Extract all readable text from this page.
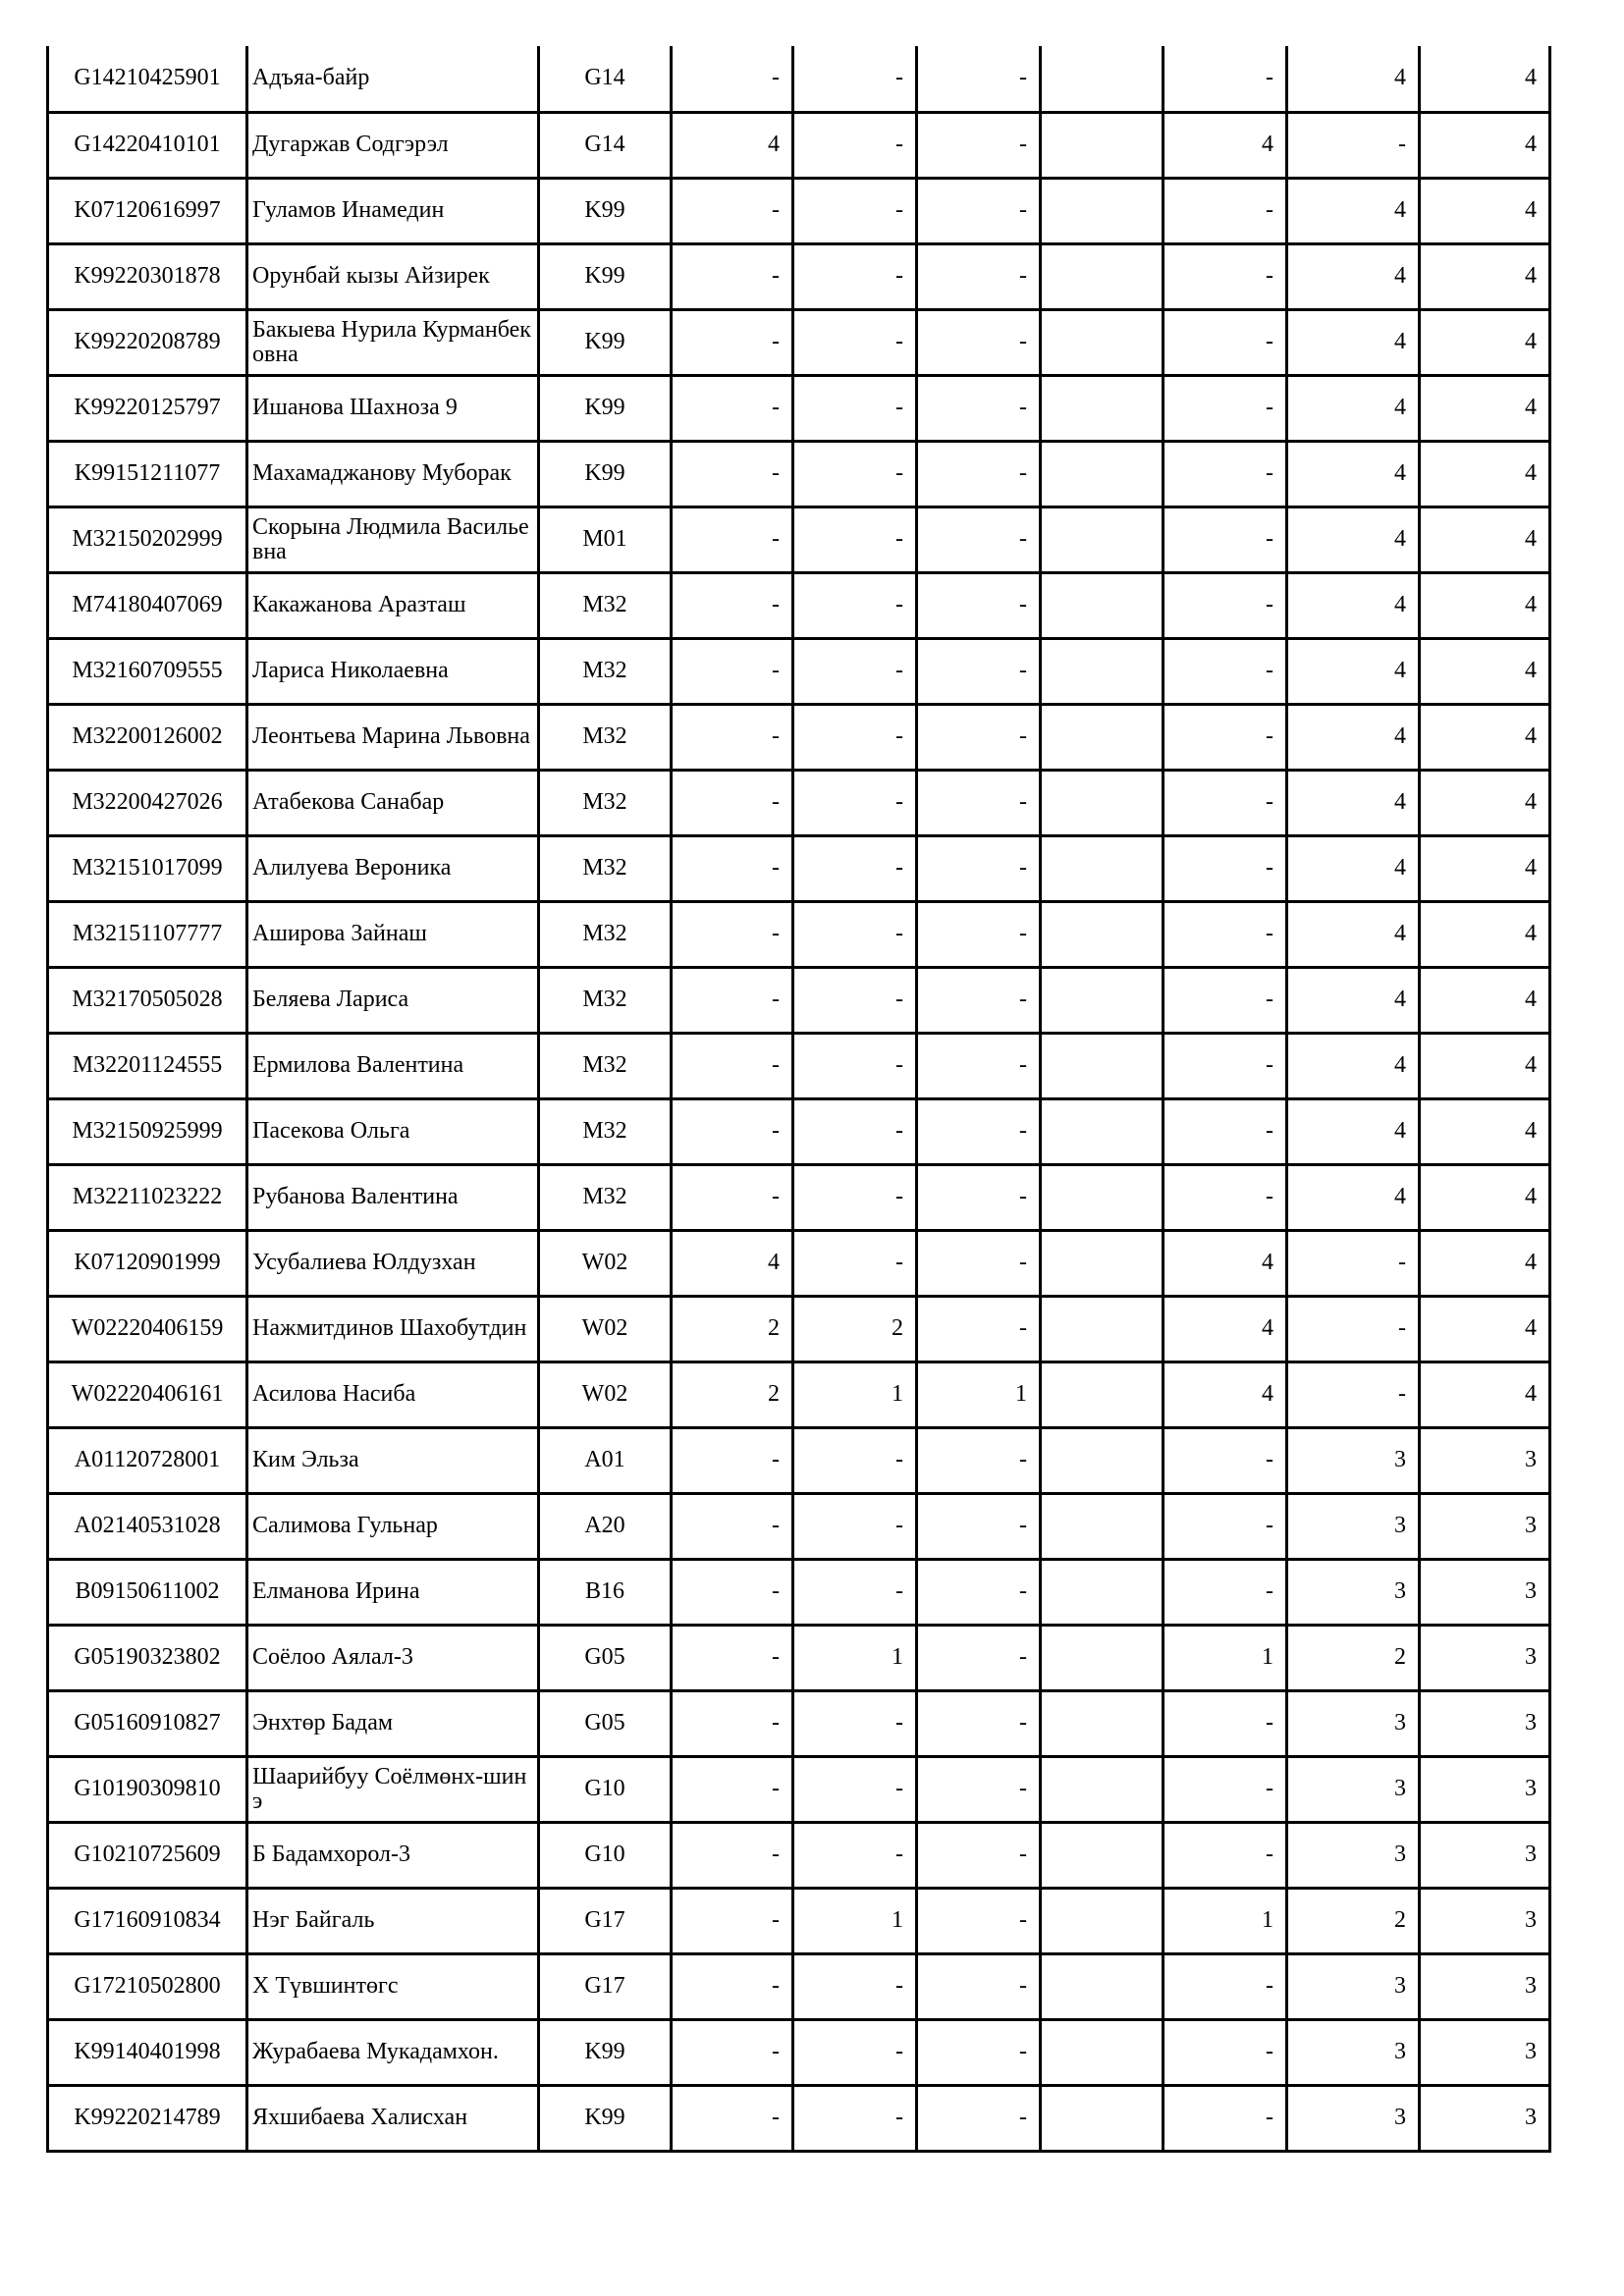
G14210425901	Адъяа-байр	G14	-	-	-		-	4	4
G14220410101	Дугаржав Содгэрэл	G14	4	-	-		4	-	4
K07120616997	Гуламов Инамедин	K99	-	-	-		-	4	4
K99220301878	Орунбай кызы Айзирек	K99	-	-	-		-	4	4
K99220208789	Бакыева Нурила Курманбековна	K99	-	-	-		-	4	4
K99220125797	Ишанова Шахноза 9	K99	-	-	-		-	4	4
K99151211077	Махамаджанову Муборак	K99	-	-	-		-	4	4
M32150202999	Скорына Людмила Васильевна	M01	-	-	-		-	4	4
M74180407069	Какажанова Аразташ	M32	-	-	-		-	4	4
M32160709555	Лариса Николаевна	M32	-	-	-		-	4	4
M32200126002	Леонтьева Марина Львовна	M32	-	-	-		-	4	4
M32200427026	Атабекова Санабар	M32	-	-	-		-	4	4
M32151017099	Алилуева Вероника	M32	-	-	-		-	4	4
M32151107777	Аширова Зайнаш	M32	-	-	-		-	4	4
M32170505028	Беляева Лариса	M32	-	-	-		-	4	4
M32201124555	Ермилова Валентина	M32	-	-	-		-	4	4
M32150925999	Пасекова Ольга	M32	-	-	-		-	4	4
M32211023222	Рубанова Валентина	M32	-	-	-		-	4	4
K07120901999	Усубалиева Юлдузхан	W02	4	-	-		4	-	4
W02220406159	Нажмитдинов Шахобутдин	W02	2	2	-		4	-	4
W02220406161	Асилова Насиба	W02	2	1	1		4	-	4
A01120728001	Ким Эльза	A01	-	-	-		-	3	3
A02140531028	Салимова Гульнар	A20	-	-	-		-	3	3
B09150611002	Елманова Ирина	B16	-	-	-		-	3	3
G05190323802	Соёлоо Аялал-3	G05	-	1	-		1	2	3
G05160910827	Энхтөр Бадам	G05	-	-	-		-	3	3
G10190309810	Шаарийбуу Соёлмөнх-шинэ	G10	-	-	-		-	3	3
G10210725609	Б Бадамхорол-3	G10	-	-	-		-	3	3
G17160910834	Нэг Байгаль	G17	-	1	-		1	2	3
G17210502800	Х Түвшинтөгс	G17	-	-	-		-	3	3
K99140401998	Журабаева Мукадамхон.	K99	-	-	-		-	3	3
K99220214789	Яхшибаева Халисхан	K99	-	-	-		-	3	3
